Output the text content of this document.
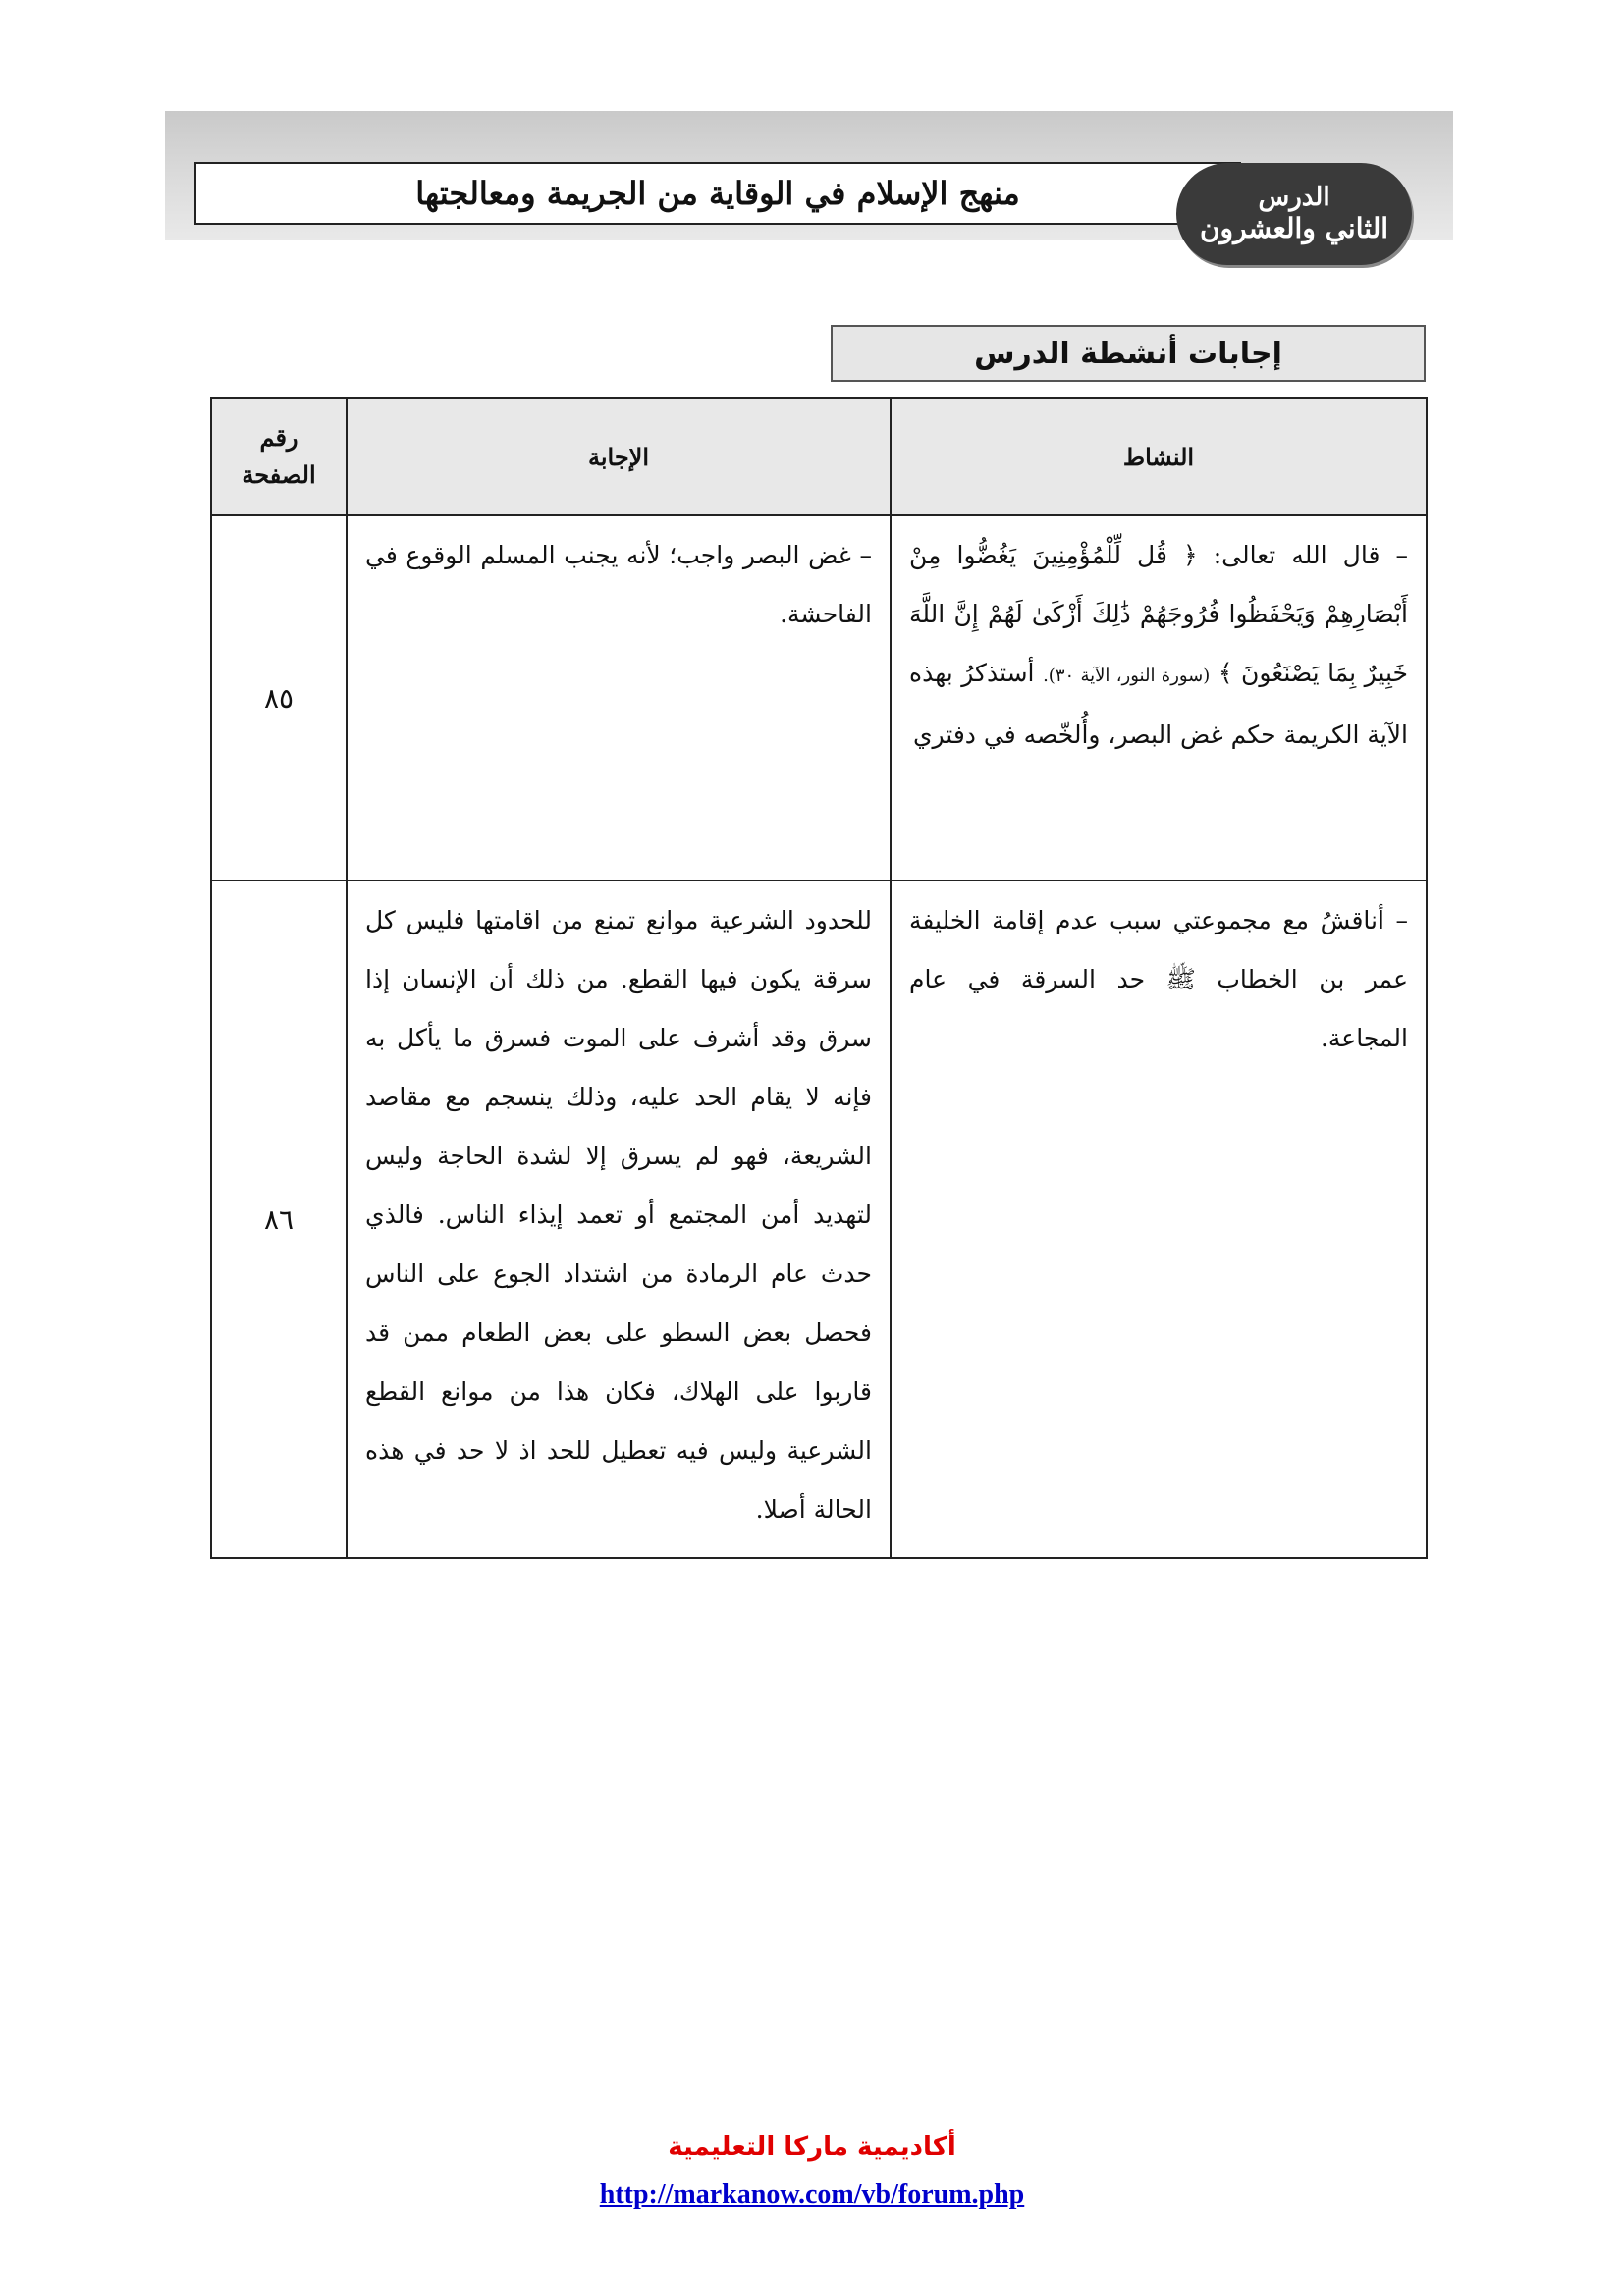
منهج الإسلام في الوقاية من الجريمة ومعالجتها	الدرس
الثاني والعشرون
إجابات أنشطة الدرس
النشاط	الإجابة	رقم
الصفحة

– قال الله تعالى: ﴿ قُل لِّلْمُؤْمِنِينَ يَغُضُّوا مِنْ أَبْصَارِهِمْ وَيَحْفَظُوا فُرُوجَهُمْ ذَٰلِكَ أَزْكَىٰ لَهُمْ إِنَّ اللَّهَ خَبِيرٌ بِمَا يَصْنَعُونَ ﴾ (سورة النور، الآية ٣٠). أستذكرُ بهذه الآية الكريمة حكم غض البصر، وأُلخّصه في دفتري	– غض البصر واجب؛ لأنه يجنب المسلم الوقوع في الفاحشة.	٨٥

– أناقشُ مع مجموعتي سبب عدم إقامة الخليفة عمر بن الخطاب ﷺ حد السرقة في عام المجاعة.	للحدود الشرعية موانع تمنع من اقامتها فليس كل سرقة يكون فيها القطع. من ذلك أن الإنسان إذا سرق وقد أشرف على الموت فسرق ما يأكل به فإنه لا يقام الحد عليه، وذلك ينسجم مع مقاصد الشريعة، فهو لم يسرق إلا لشدة الحاجة وليس لتهديد أمن المجتمع أو تعمد إيذاء الناس. فالذي حدث عام الرمادة من اشتداد الجوع على الناس فحصل بعض السطو على بعض الطعام ممن قد قاربوا على الهلاك، فكان هذا من موانع القطع الشرعية وليس فيه تعطيل للحد اذ لا حد في هذه الحالة أصلا.	٨٦
أكاديمية ماركا التعليمية
http://markanow.com/vb/forum.php
